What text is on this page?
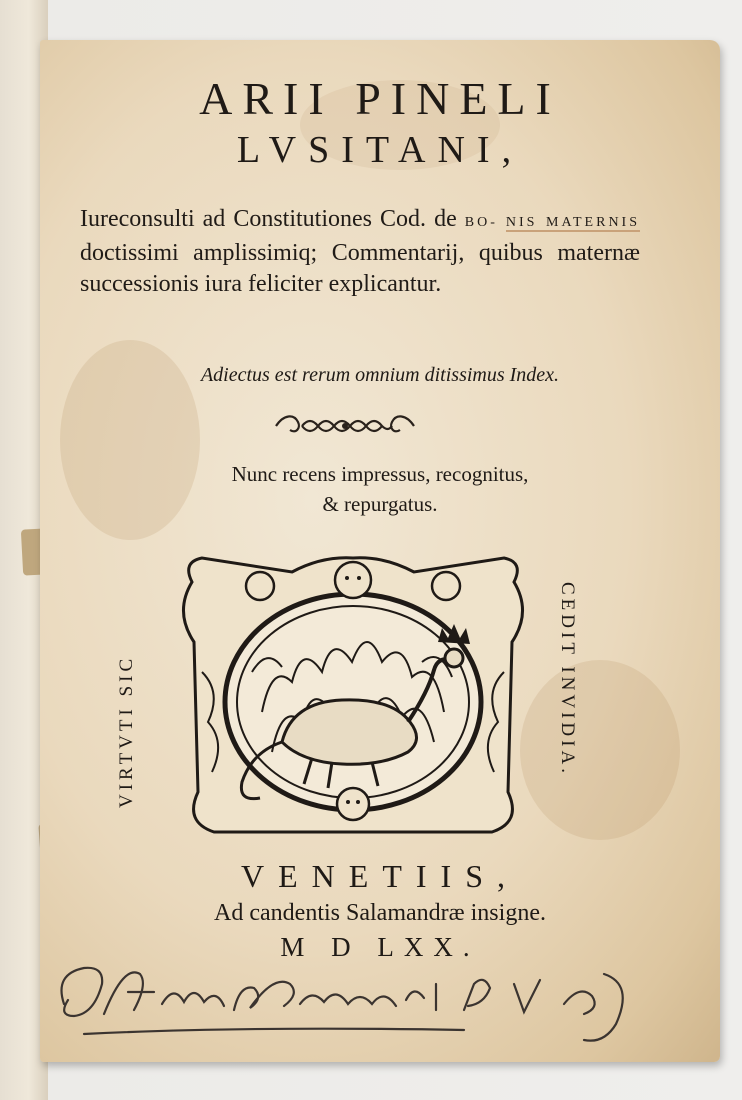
ARII PINELI
LVSITANI,
Iureconsulti ad Constitutiones Cod. de BO- NIS MATERNIS doctissimi amplissimiq; Commentarij, quibus maternæ successionis iura feliciter explicantur.
Adiectus est rerum omnium ditissimus Index.
Nunc recens impressus, recognitus,
& repurgatus.
VIRTVTI SIC	CEDIT INVIDIA.
VENETIIS,
Ad candentis Salamandræ insigne.
M D LXX.
